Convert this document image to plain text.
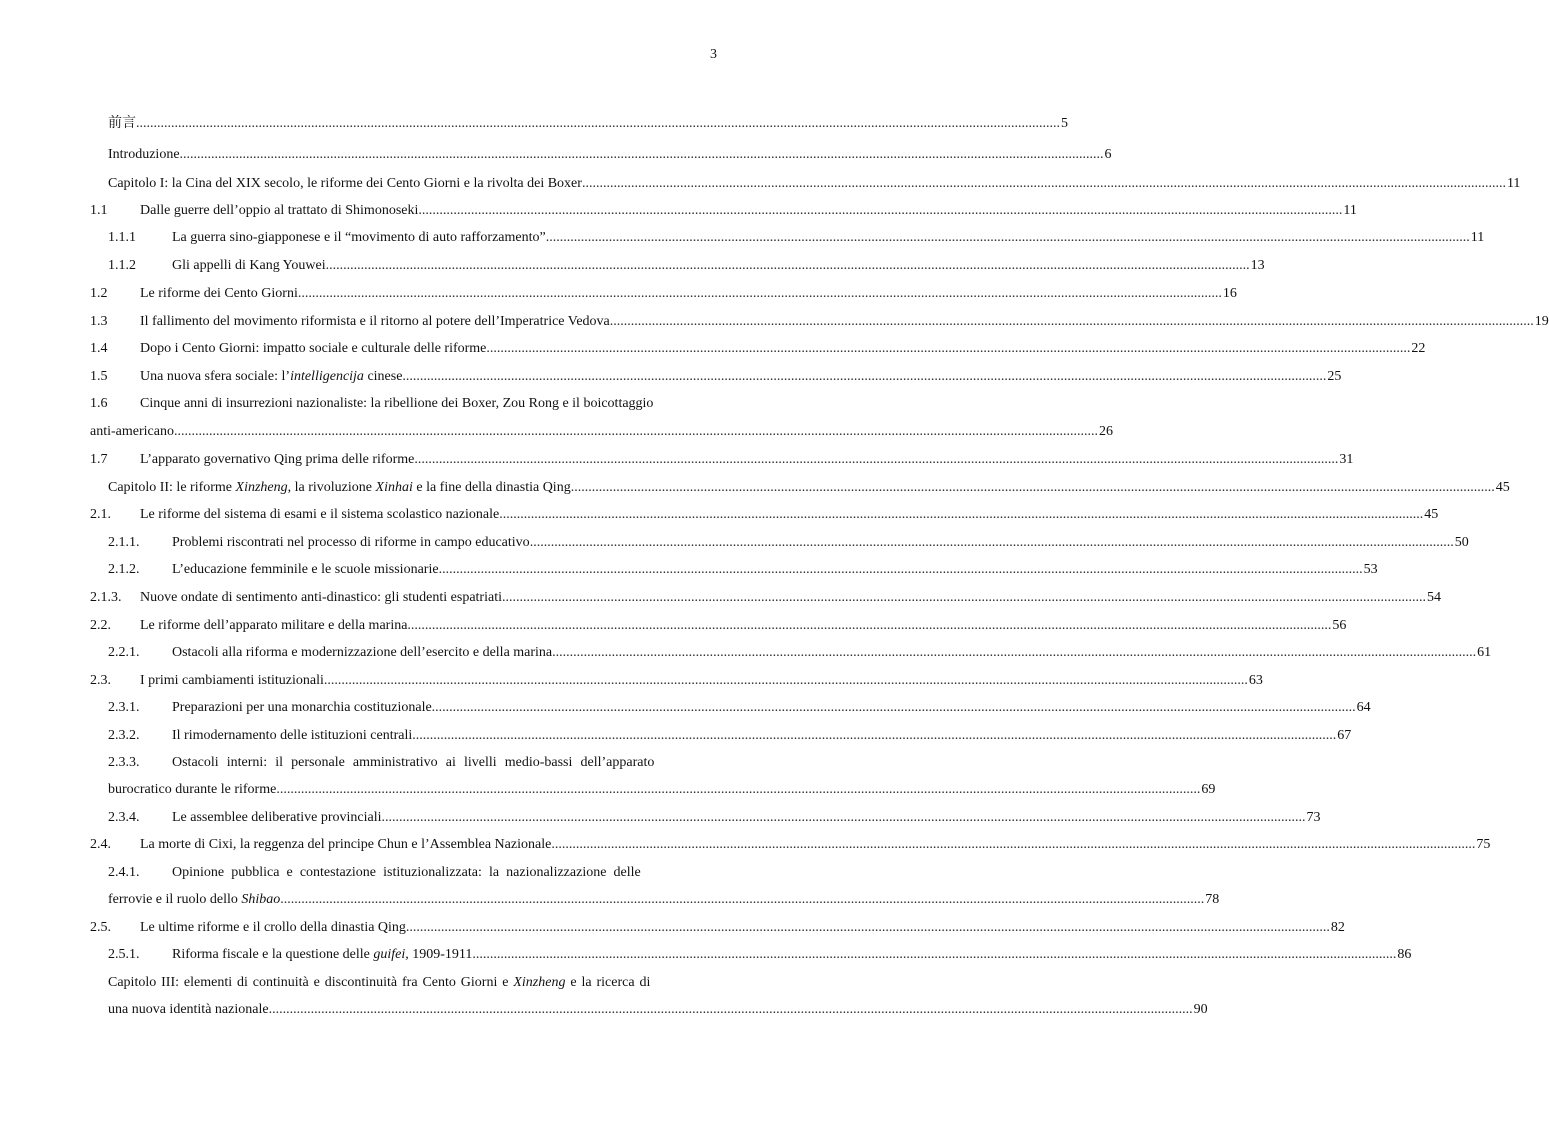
3
前言 .....	5
Introduzione .....	6
Capitolo I: la Cina del XIX secolo, le riforme dei Cento Giorni e la rivolta dei Boxer .....	11
1.1	Dalle guerre dell’oppio al trattato di Shimonoseki .....	11
1.1.1	La guerra sino-giapponese e il “movimento di auto rafforzamento” .....	11
1.1.2	Gli appelli di Kang Youwei .....	13
1.2	Le riforme dei Cento Giorni .....	16
1.3	Il fallimento del movimento riformista e il ritorno al potere dell’Imperatrice Vedova .....	19
1.4	Dopo i Cento Giorni: impatto sociale e culturale delle riforme .....	22
1.5	Una nuova sfera sociale: l’intelligencija cinese .....	25
1.6	Cinque anni di insurrezioni nazionaliste: la ribellione dei Boxer, Zou Rong e il boicottaggio
anti-americano .....	26
1.7	L’apparato governativo Qing prima delle riforme .....	31
Capitolo II: le riforme Xinzheng, la rivoluzione Xinhai e la fine della dinastia Qing .....	45
2.1.	Le riforme del sistema di esami e il sistema scolastico nazionale .....	45
2.1.1.	Problemi riscontrati nel processo di riforme in campo educativo .....	50
2.1.2.	L’educazione femminile e le scuole missionarie .....	53
2.1.3.	Nuove ondate di sentimento anti-dinastico: gli studenti espatriati .....	54
2.2.	Le riforme dell’apparato militare e della marina .....	56
2.2.1.	Ostacoli alla riforma e modernizzazione dell’esercito e della marina .....	61
2.3.	I primi cambiamenti istituzionali .....	63
2.3.1.	Preparazioni per una monarchia costituzionale .....	64
2.3.2.	Il rimodernamento delle istituzioni centrali .....	67
2.3.3.	Ostacoli interni: il personale amministrativo ai livelli medio-bassi dell’apparato
burocratico durante le riforme .....	69
2.3.4.	Le assemblee deliberative provinciali .....	73
2.4.	La morte di Cixi, la reggenza del principe Chun e l’Assemblea Nazionale .....	75
2.4.1.	Opinione pubblica e contestazione istituzionalizzata: la nazionalizzazione delle
ferrovie e il ruolo dello Shibao .....	78
2.5.	Le ultime riforme e il crollo della dinastia Qing .....	82
2.5.1.	Riforma fiscale e la questione delle guifei, 1909-1911 .....	86
Capitolo III: elementi di continuità e discontinuità fra Cento Giorni e Xinzheng e la ricerca di
una nuova identità nazionale .....	90
